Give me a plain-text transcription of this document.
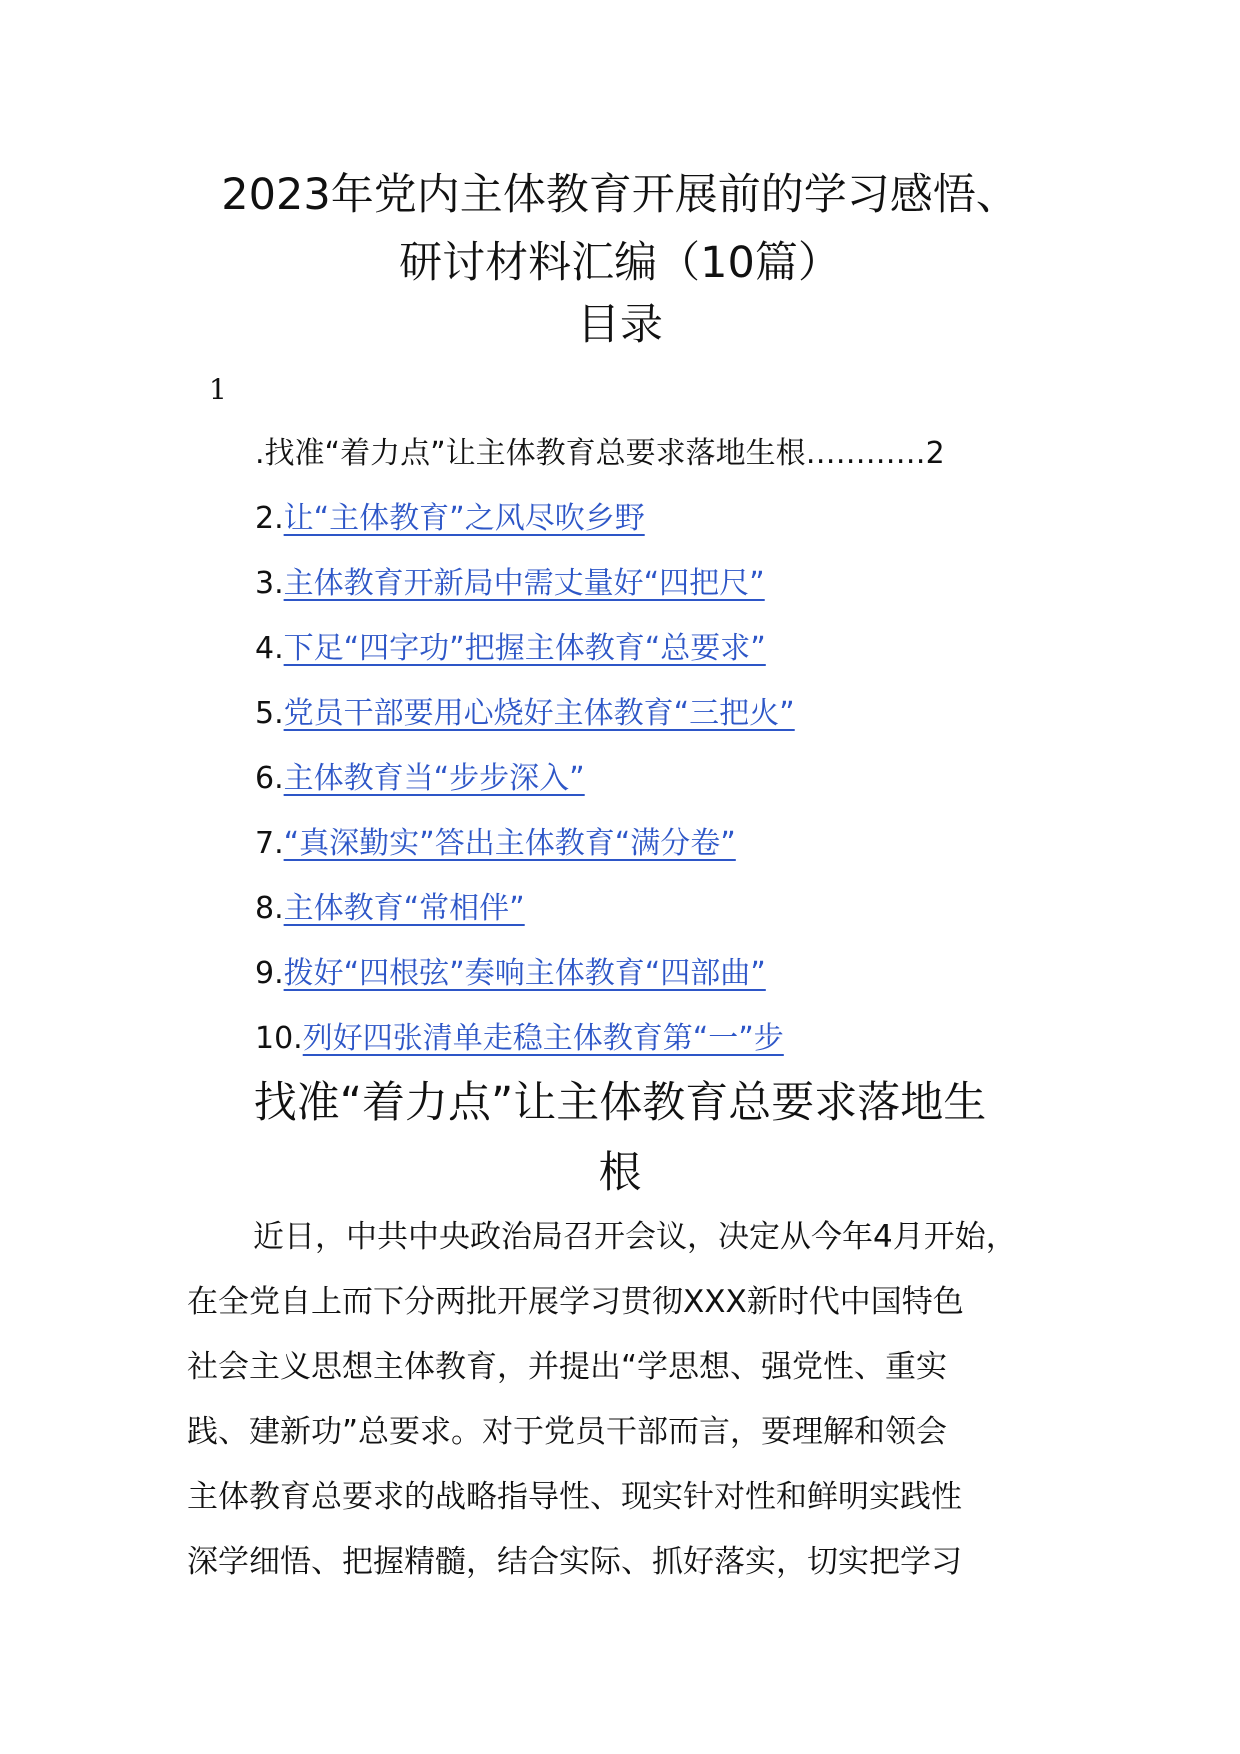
2023年党内主体教育开展前的学习感悟、
研讨材料汇编（10篇）
目录
1
.找准“着力点”让主体教育总要求落地生根…………2
2.让“主体教育”之风尽吹乡野
3.主体教育开新局中需丈量好“四把尺”
4.下足“四字功”把握主体教育“总要求”
5.党员干部要用心烧好主体教育“三把火”
6.主体教育当“步步深入”
7.“真深勤实”答出主体教育“满分卷”
8.主体教育“常相伴”
9.拨好“四根弦”奏响主体教育“四部曲”
10.列好四张清单走稳主体教育第“一”步
找准“着力点”让主体教育总要求落地生
根
近日，中共中央政治局召开会议，决定从今年4月开始，
在全党自上而下分两批开展学习贯彻XXX新时代中国特色
社会主义思想主体教育，并提出“学思想、强党性、重实
践、建新功”总要求。对于党员干部而言，要理解和领会
主体教育总要求的战略指导性、现实针对性和鲜明实践性
深学细悟、把握精髓，结合实际、抓好落实，切实把学习
